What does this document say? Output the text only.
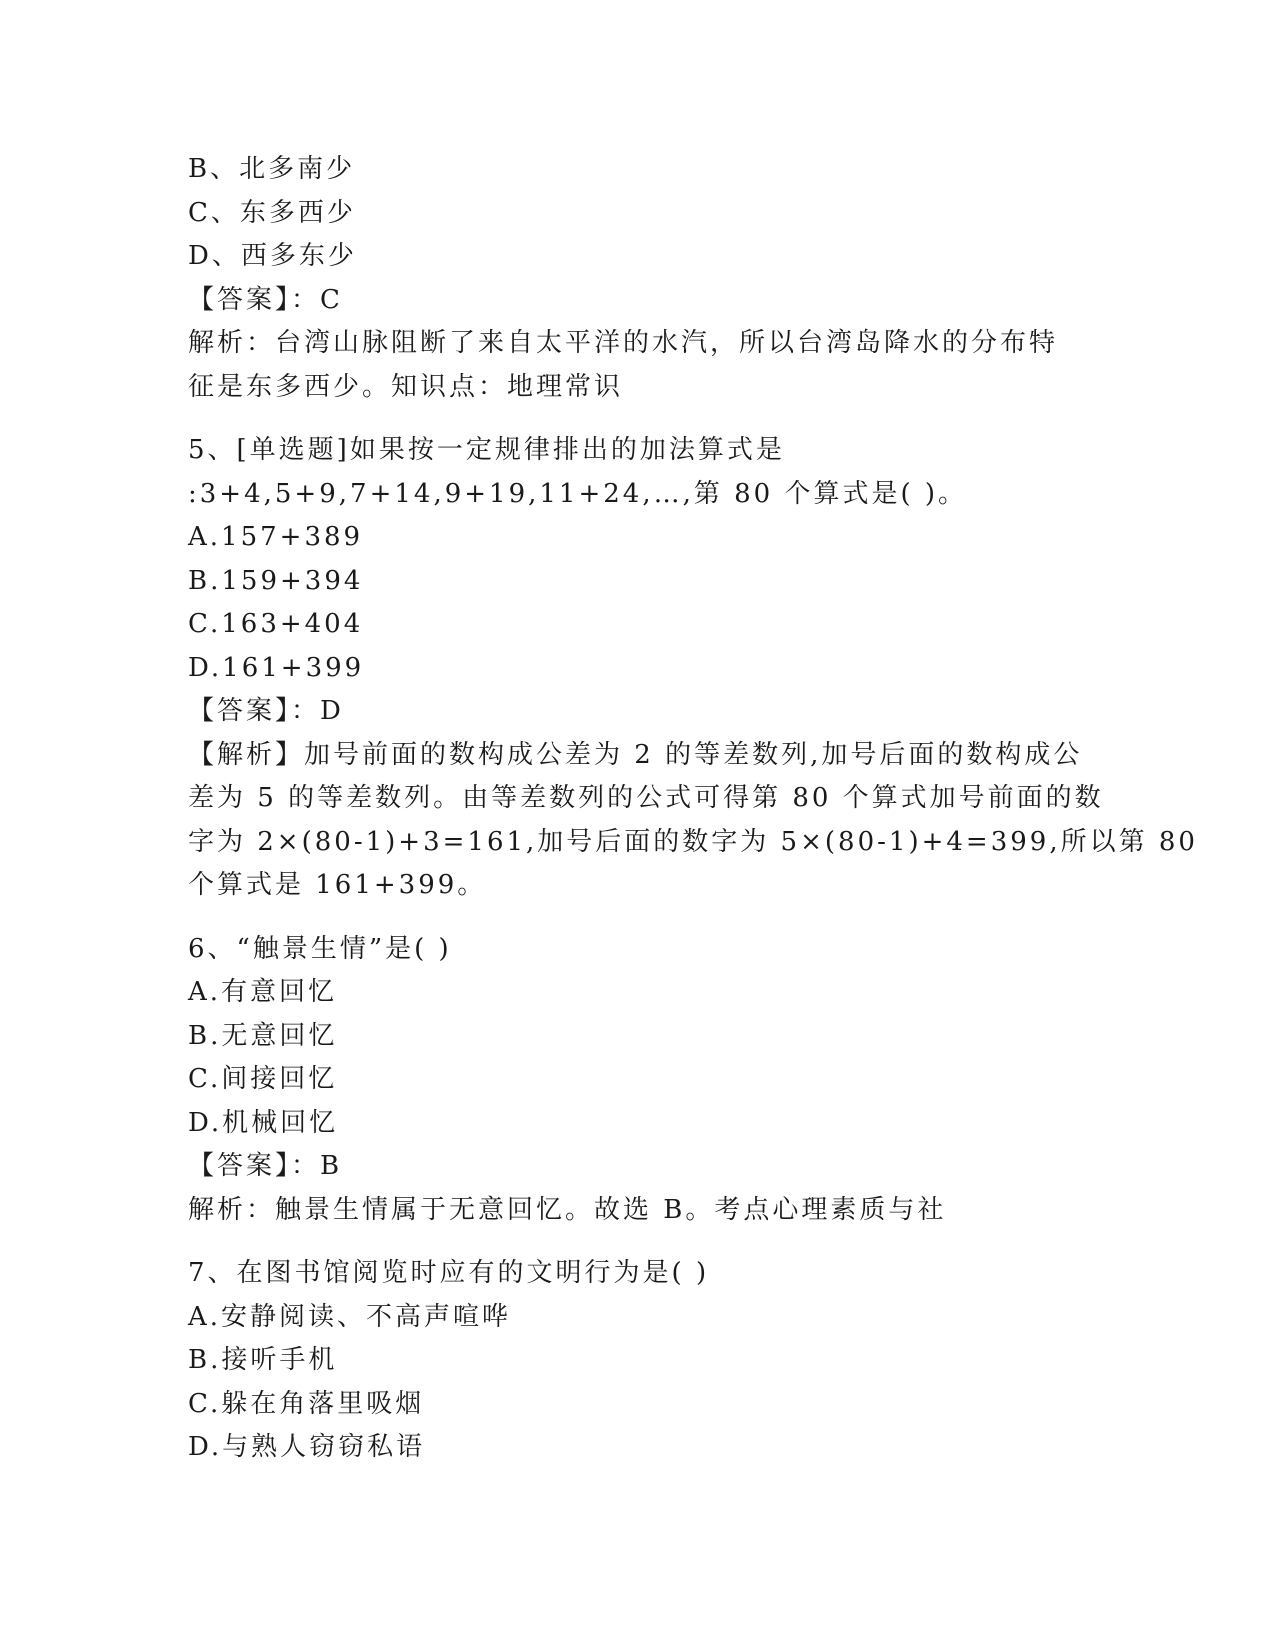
B、北多南少
C、东多西少
D、西多东少
【答案】：C
解析：台湾山脉阻断了来自太平洋的水汽，所以台湾岛降水的分布特
征是东多西少。知识点：地理常识
5、[单选题]如果按一定规律排出的加法算式是
:3+4,5+9,7+14,9+19,11+24,…,第 80 个算式是( )。
A.157+389
B.159+394
C.163+404
D.161+399
【答案】：D
【解析】加号前面的数构成公差为 2 的等差数列,加号后面的数构成公
差为 5 的等差数列。由等差数列的公式可得第 80 个算式加号前面的数
字为 2×(80-1)+3=161,加号后面的数字为 5×(80-1)+4=399,所以第 80
个算式是 161+399。
6、“触景生情”是( )
A.有意回忆
B.无意回忆
C.间接回忆
D.机械回忆
【答案】：B
解析：触景生情属于无意回忆。故选 B。考点心理素质与社
7、在图书馆阅览时应有的文明行为是( )
A.安静阅读、不高声喧哗
B.接听手机
C.躲在角落里吸烟
D.与熟人窃窃私语
